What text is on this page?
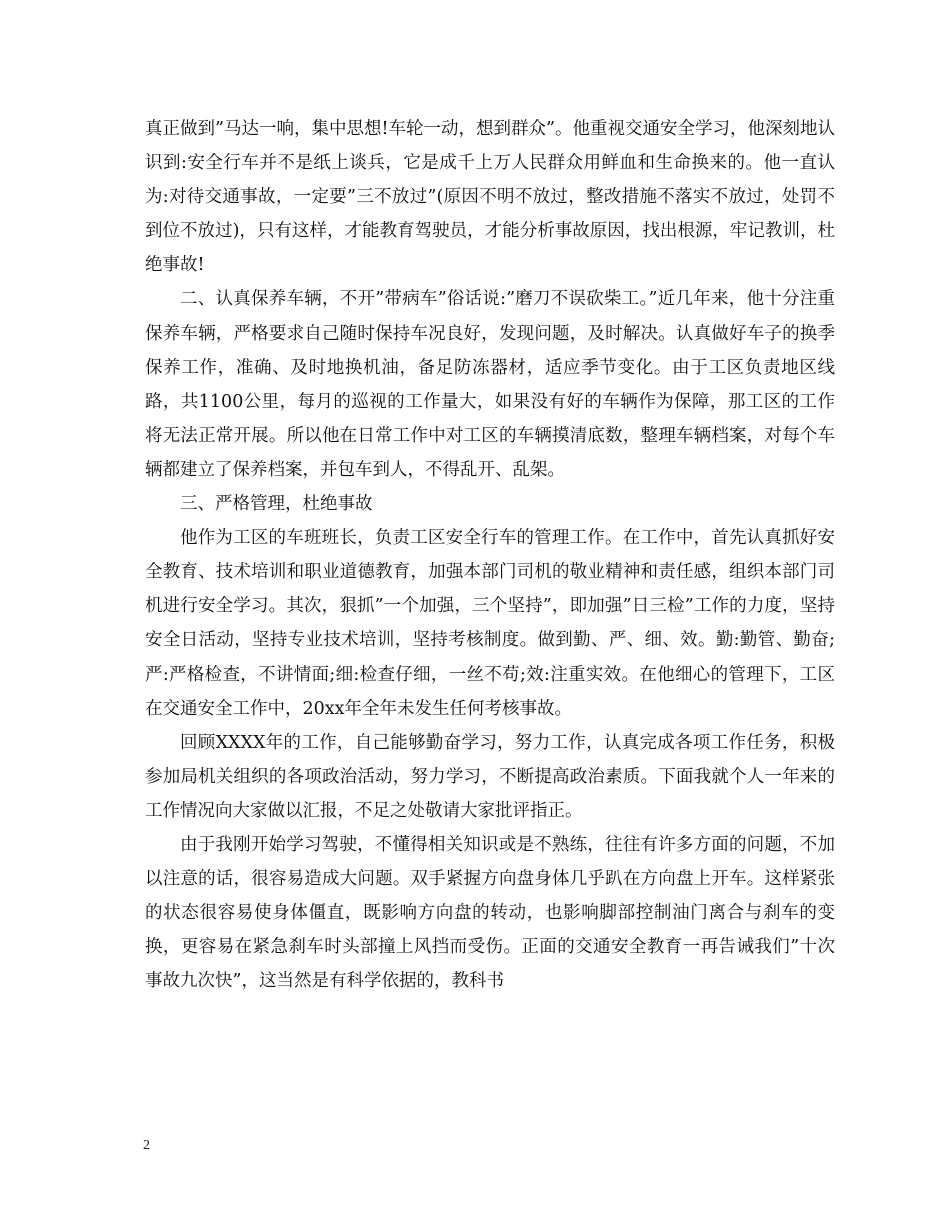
真正做到”马达一响，集中思想!车轮一动，想到群众”。他重视交通安全学习，他深刻地认识到:安全行车并不是纸上谈兵，它是成千上万人民群众用鲜血和生命换来的。他一直认为:对待交通事故，一定要”三不放过”(原因不明不放过，整改措施不落实不放过，处罚不到位不放过)，只有这样，才能教育驾驶员，才能分析事故原因，找出根源，牢记教训，杜绝事故!

二、认真保养车辆，不开”带病车”俗话说:”磨刀不误砍柴工。”近几年来，他十分注重保养车辆，严格要求自己随时保持车况良好，发现问题，及时解决。认真做好车子的换季保养工作，准确、及时地换机油，备足防冻器材，适应季节变化。由于工区负责地区线路，共1100公里，每月的巡视的工作量大，如果没有好的车辆作为保障，那工区的工作将无法正常开展。所以他在日常工作中对工区的车辆摸清底数，整理车辆档案，对每个车辆都建立了保养档案，并包车到人，不得乱开、乱架。

三、严格管理，杜绝事故

他作为工区的车班班长，负责工区安全行车的管理工作。在工作中，首先认真抓好安全教育、技术培训和职业道德教育，加强本部门司机的敬业精神和责任感，组织本部门司机进行安全学习。其次，狠抓”一个加强，三个坚持”，即加强”日三检”工作的力度，坚持安全日活动，坚持专业技术培训，坚持考核制度。做到勤、严、细、效。勤:勤管、勤奋;严:严格检查，不讲情面;细:检查仔细，一丝不苟;效:注重实效。在他细心的管理下，工区在交通安全工作中，20xx年全年未发生任何考核事故。

回顾XXXX年的工作，自己能够勤奋学习，努力工作，认真完成各项工作任务，积极参加局机关组织的各项政治活动，努力学习，不断提高政治素质。下面我就个人一年来的工作情况向大家做以汇报，不足之处敬请大家批评指正。

由于我刚开始学习驾驶，不懂得相关知识或是不熟练，往往有许多方面的问题，不加以注意的话，很容易造成大问题。双手紧握方向盘身体几乎趴在方向盘上开车。这样紧张的状态很容易使身体僵直，既影响方向盘的转动，也影响脚部控制油门离合与刹车的变换，更容易在紧急刹车时头部撞上风挡而受伤。正面的交通安全教育一再告诫我们”十次事故九次快”，这当然是有科学依据的，教科书

2
